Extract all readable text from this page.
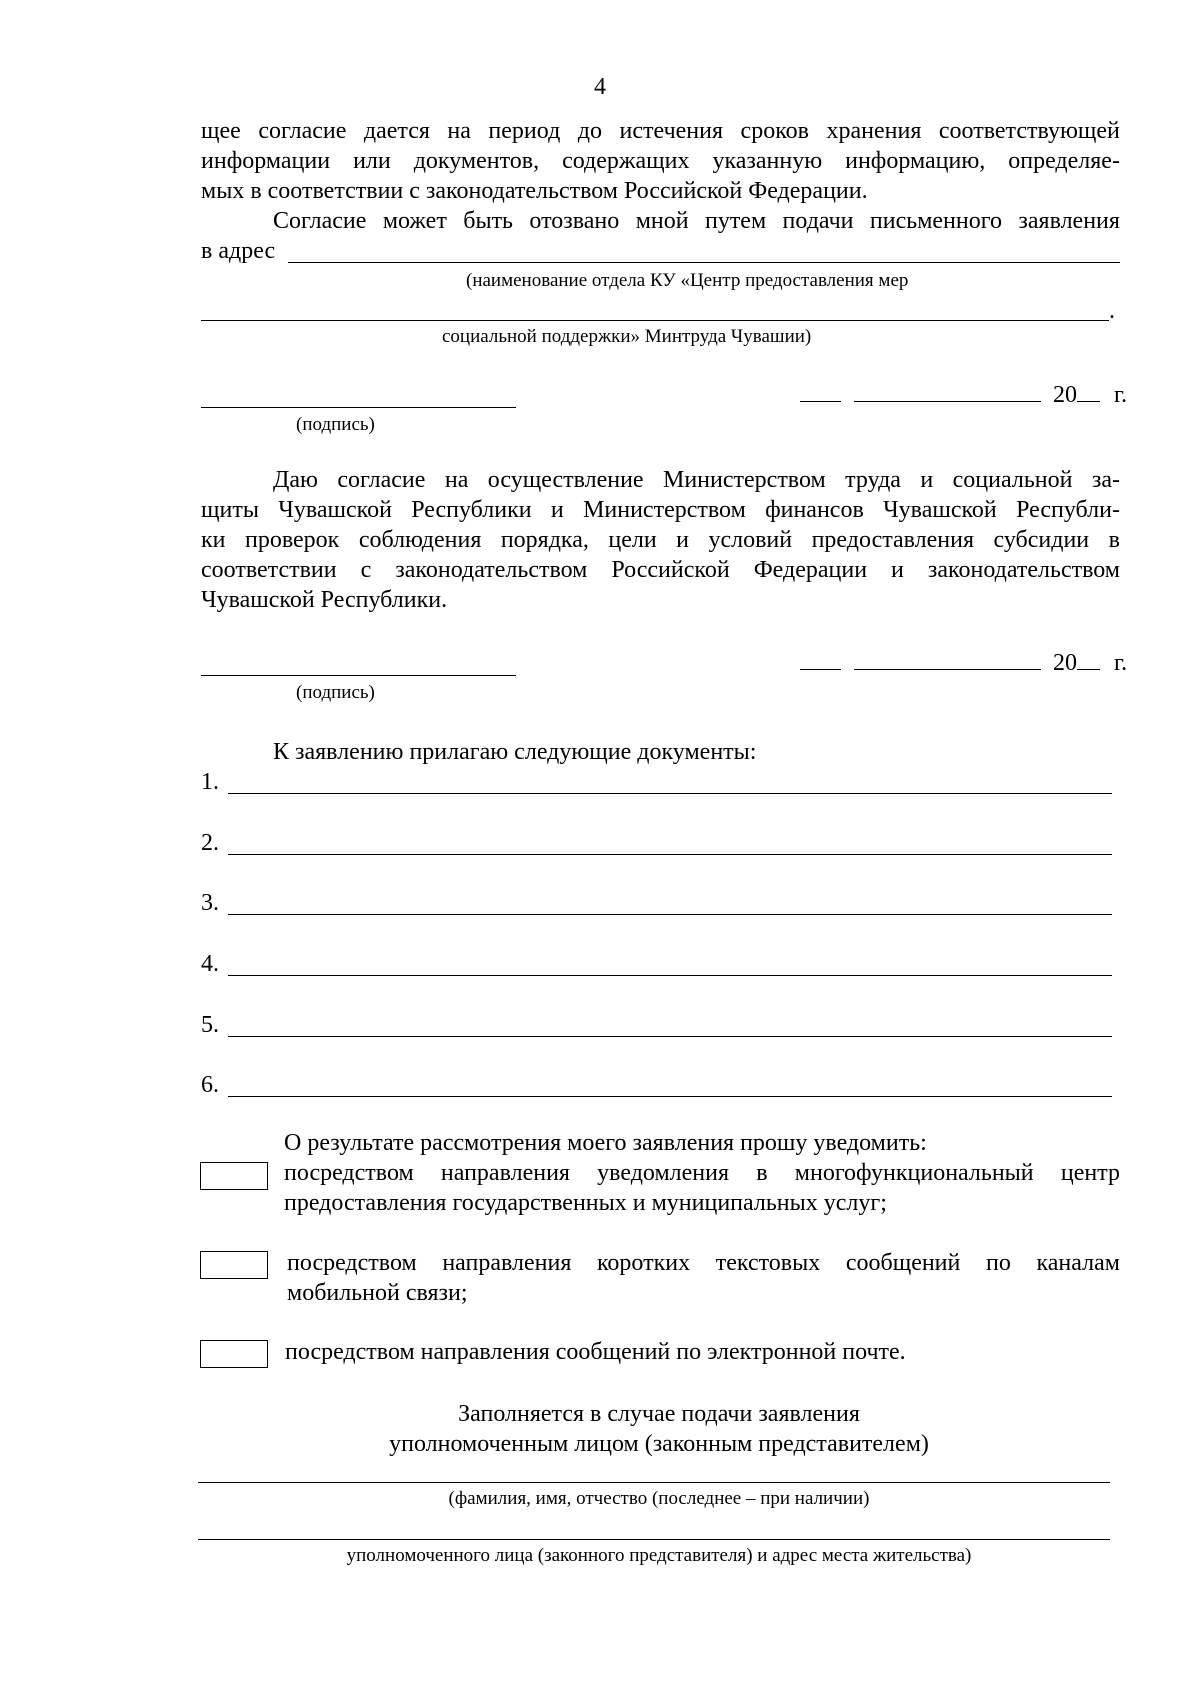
4
щее согласие дается на период до истечения сроков хранения соответствующей
информации или документов, содержащих указанную информацию, определяе-
мых в соответствии с законодательством Российской Федерации.
Согласие может быть отозвано мной путем подачи письменного заявления
в адрес
(наименование отдела КУ «Центр предоставления мер
.
социальной поддержки» Минтруда Чувашии)
(подпись)
20 г.
Даю согласие на осуществление Министерством труда и социальной за-
щиты Чувашской Республики и Министерством финансов Чувашской Республи-
ки проверок соблюдения порядка, цели и условий предоставления субсидии в
соответствии с законодательством Российской Федерации и законодательством
Чувашской Республики.
(подпись)
20 г.
К заявлению прилагаю следующие документы:
1.
2.
3.
4.
5.
6.
О результате рассмотрения моего заявления прошу уведомить:
посредством направления уведомления в многофункциональный центр
предоставления государственных и муниципальных услуг;
посредством направления коротких текстовых сообщений по каналам
мобильной связи;
посредством направления сообщений по электронной почте.
Заполняется в случае подачи заявления
уполномоченным лицом (законным представителем)
(фамилия, имя, отчество (последнее – при наличии)
уполномоченного лица (законного представителя) и адрес места жительства)
